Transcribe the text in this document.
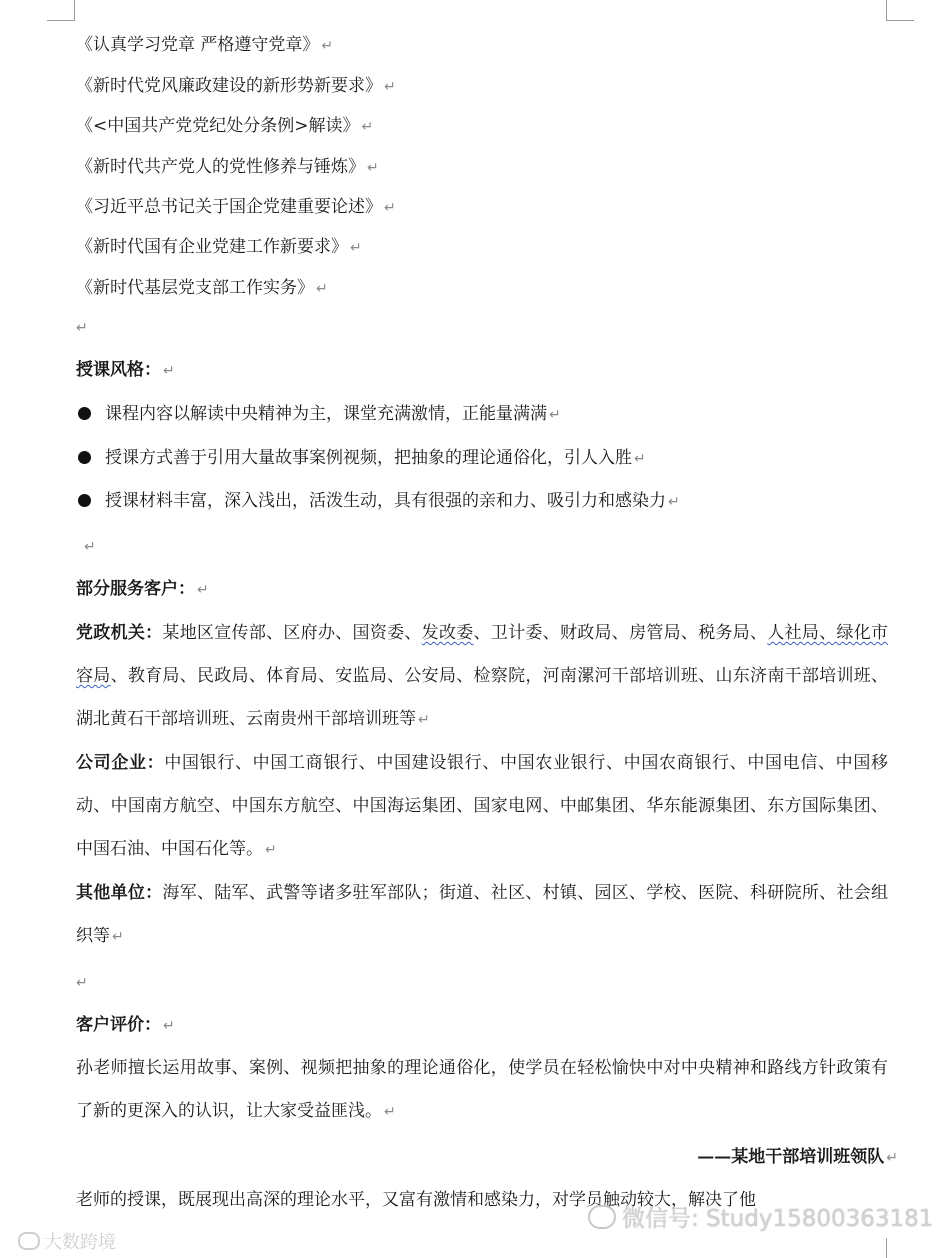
《认真学习党章 严格遵守党章》 ↵
《新时代党风廉政建设的新形势新要求》 ↵
《<中国共产党党纪处分条例>解读》 ↵
《新时代共产党人的党性修养与锤炼》 ↵
《习近平总书记关于国企党建重要论述》 ↵
《新时代国有企业党建工作新要求》 ↵
《新时代基层党支部工作实务》 ↵
↵
授课风格： ↵
课程内容以解读中央精神为主，课堂充满激情，正能量满满 ↵
授课方式善于引用大量故事案例视频，把抽象的理论通俗化，引人入胜 ↵
授课材料丰富，深入浅出，活泼生动，具有很强的亲和力、吸引力和感染力 ↵
↵
部分服务客户： ↵
党政机关：某地区宣传部、区府办、国资委、发改委、卫计委、财政局、房管局、税务局、人社局、绿化市容局、教育局、民政局、体育局、安监局、公安局、检察院，河南漯河干部培训班、山东济南干部培训班、湖北黄石干部培训班、云南贵州干部培训班等 ↵
公司企业：中国银行、中国工商银行、中国建设银行、中国农业银行、中国农商银行、中国电信、中国移动、中国南方航空、中国东方航空、中国海运集团、国家电网、中邮集团、华东能源集团、东方国际集团、中国石油、中国石化等。 ↵
其他单位：海军、陆军、武警等诸多驻军部队；街道、社区、村镇、园区、学校、医院、科研院所、社会组织等 ↵
↵
客户评价： ↵
孙老师擅长运用故事、案例、视频把抽象的理论通俗化，使学员在轻松愉快中对中央精神和路线方针政策有了新的更深入的认识，让大家受益匪浅。 ↵
——某地干部培训班领队 ↵
老师的授课，既展现出高深的理论水平，又富有激情和感染力，对学员触动较大，解决了他
大数跨境
微信号: Study15800363181
